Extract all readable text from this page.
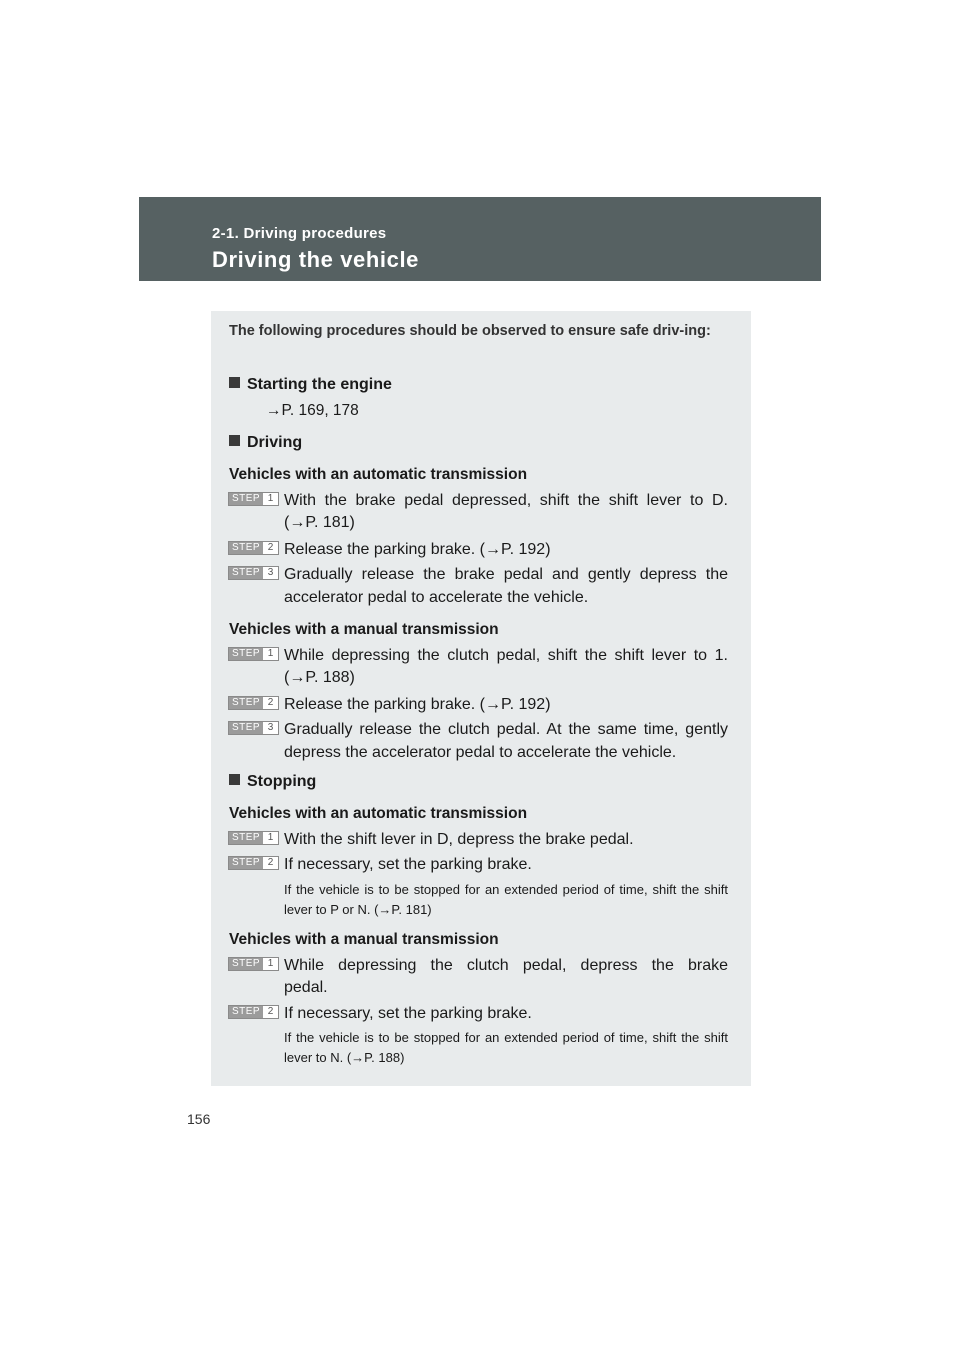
2-1. Driving procedures
Driving the vehicle
The following procedures should be observed to ensure safe driv-ing:
Starting the engine
→P. 169, 178
Driving
Vehicles with an automatic transmission
STEP 1 With the brake pedal depressed, shift the shift lever to D.
(→P. 181)
STEP 2 Release the parking brake. (→P. 192)
STEP 3 Gradually release the brake pedal and gently depress the
accelerator pedal to accelerate the vehicle.
Vehicles with a manual transmission
STEP 1 While depressing the clutch pedal, shift the shift lever to 1.
(→P. 188)
STEP 2 Release the parking brake. (→P. 192)
STEP 3 Gradually release the clutch pedal. At the same time, gently
depress the accelerator pedal to accelerate the vehicle.
Stopping
Vehicles with an automatic transmission
STEP 1 With the shift lever in D, depress the brake pedal.
STEP 2 If necessary, set the parking brake.
If the vehicle is to be stopped for an extended period of time, shift the shift lever to P or N. (→P. 181)
Vehicles with a manual transmission
STEP 1 While depressing the clutch pedal, depress the brake
pedal.
STEP 2 If necessary, set the parking brake.
If the vehicle is to be stopped for an extended period of time, shift the shift lever to N. (→P. 188)
156
